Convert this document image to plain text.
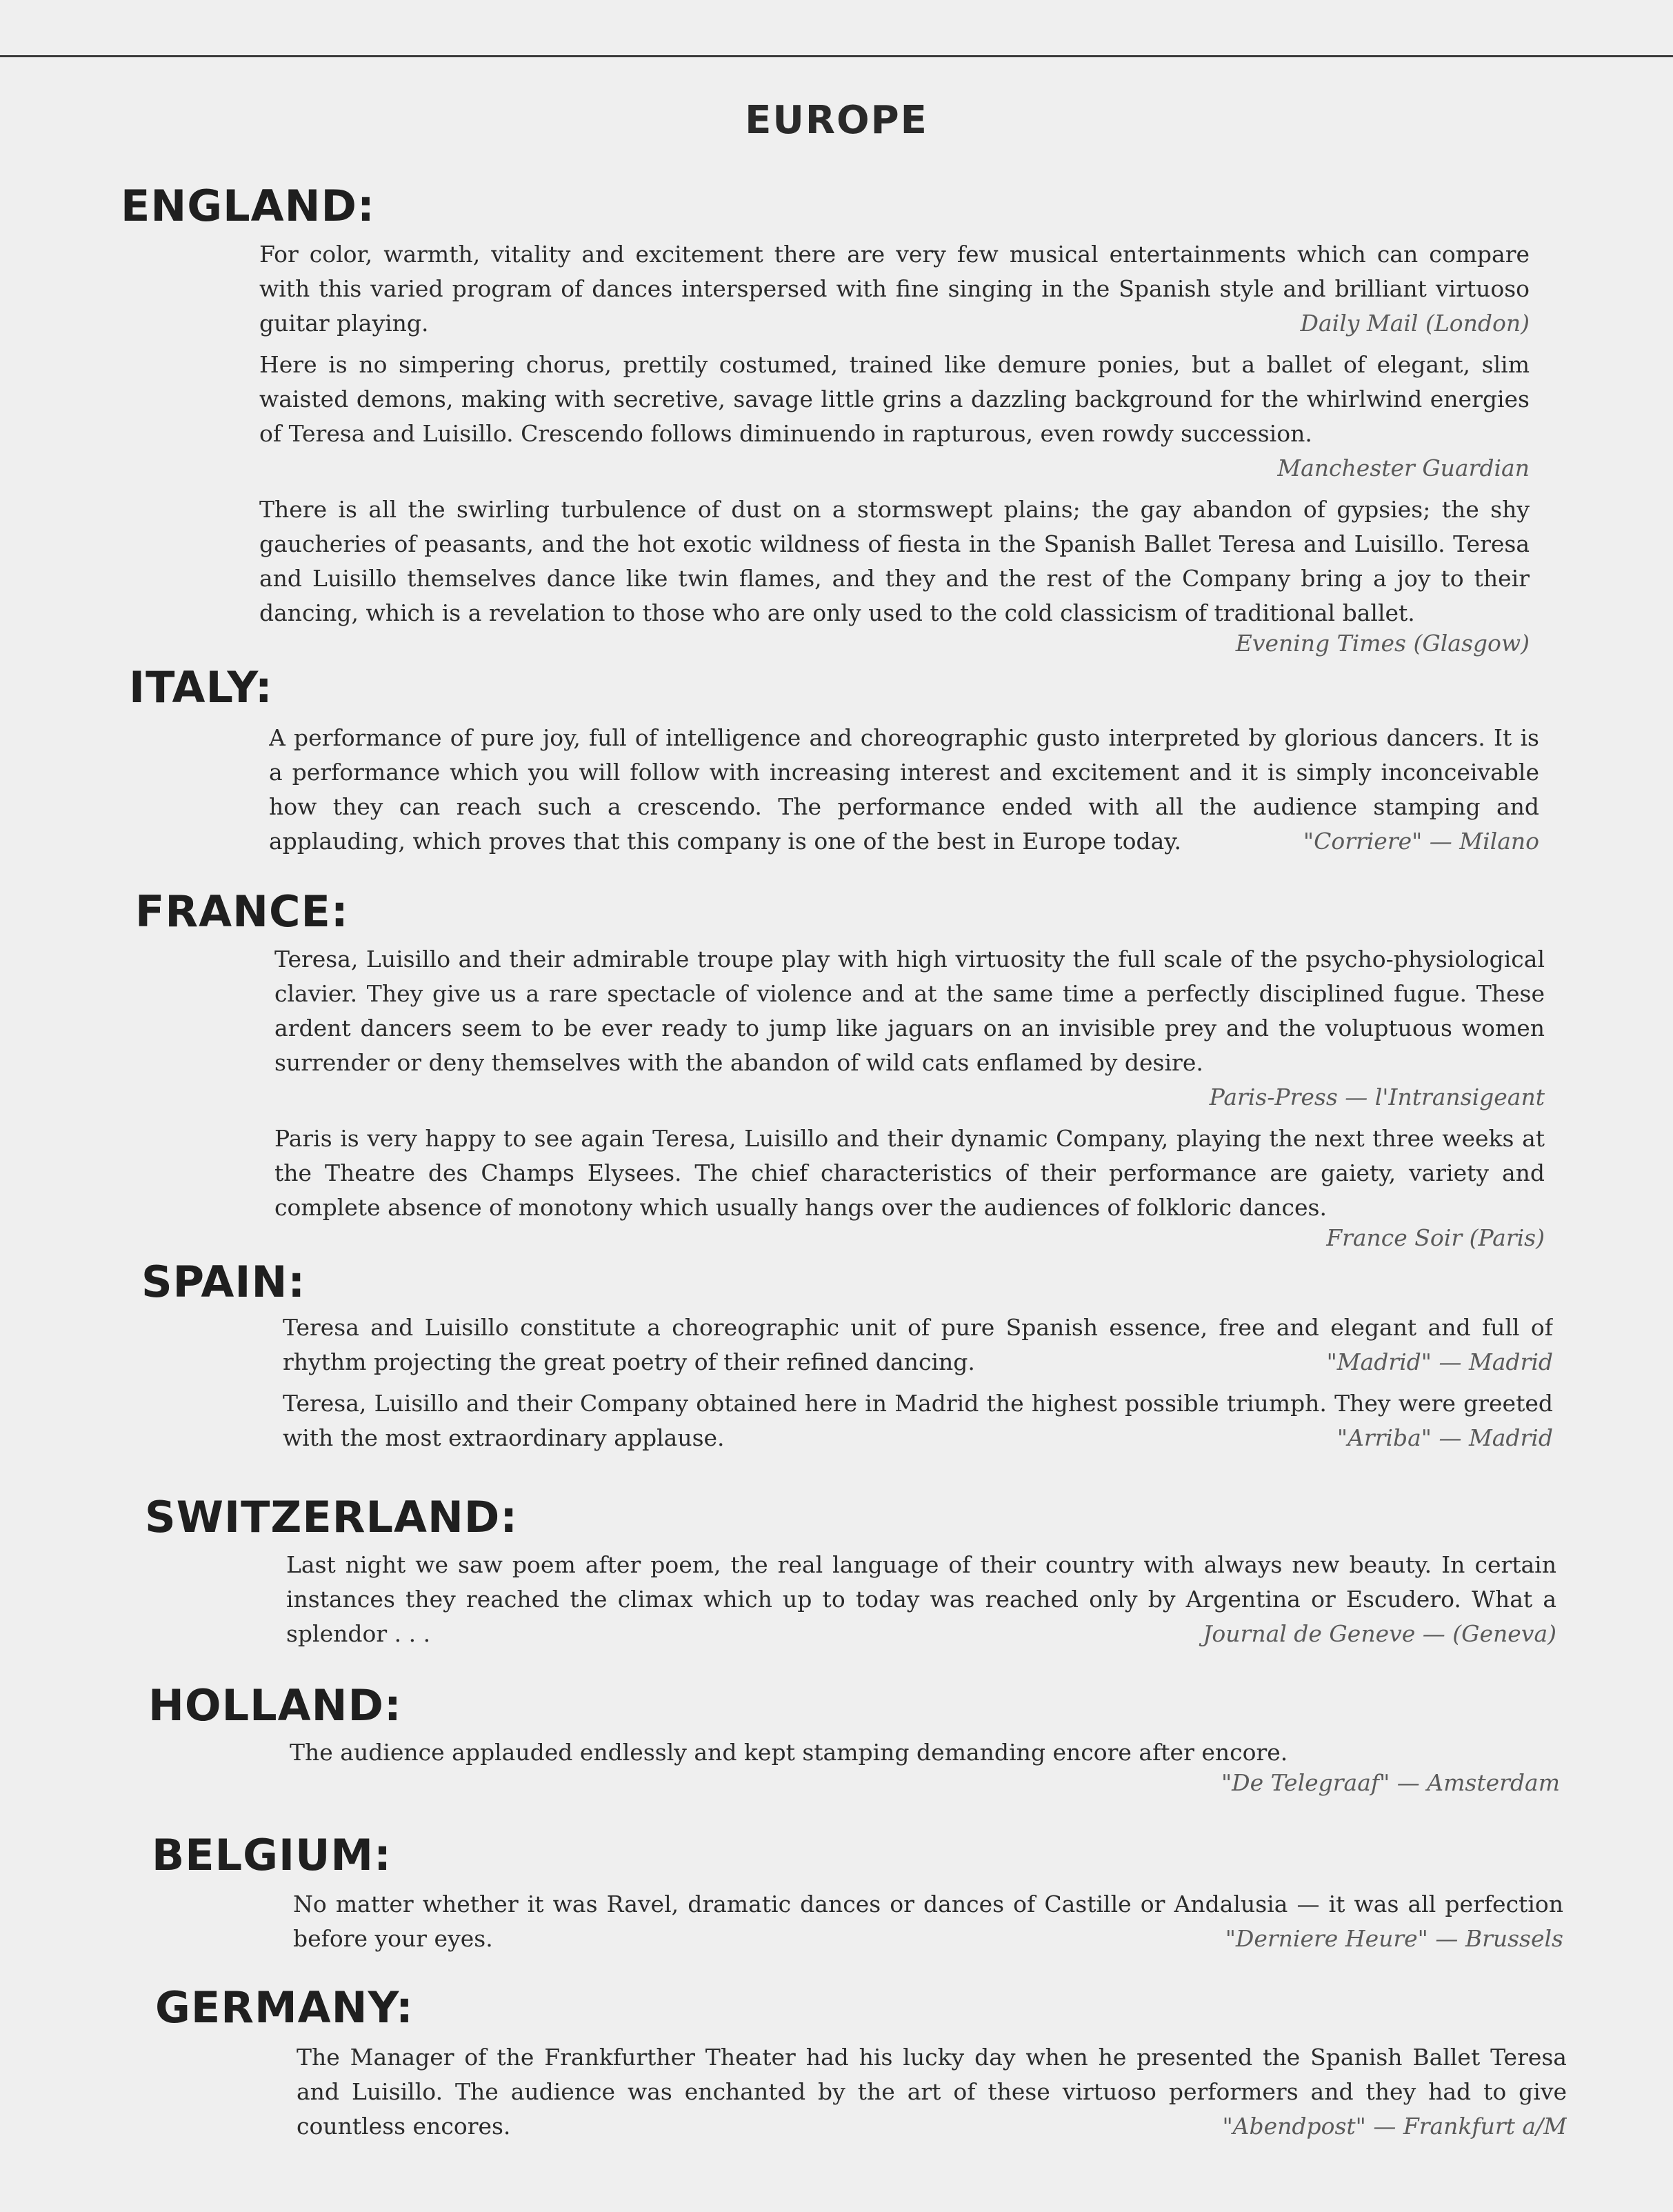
EUROPE
ENGLAND:

For color, warmth, vitality and excitement there are very few musical entertainments which can compare with this varied program of dances interspersed with fine singing in the Spanish style and brilliant virtuoso guitar playing.	Daily Mail (London)

Here is no simpering chorus, prettily costumed, trained like demure ponies, but a ballet of elegant, slim waisted demons, making with secretive, savage little grins a dazzling background for the whirlwind energies of Teresa and Luisillo. Crescendo follows diminuendo in rapturous, even rowdy succession.
Manchester Guardian

There is all the swirling turbulence of dust on a stormswept plains; the gay abandon of gypsies; the shy gaucheries of peasants, and the hot exotic wildness of fiesta in the Spanish Ballet Teresa and Luisillo. Teresa and Luisillo themselves dance like twin flames, and they and the rest of the Company bring a joy to their dancing, which is a revelation to those who are only used to the cold classicism of traditional ballet.

Evening Times (Glasgow)

ITALY:

A performance of pure joy, full of intelligence and choreographic gusto interpreted by glorious dancers. It is a performance which you will follow with increasing interest and excitement and it is simply inconceivable how they can reach such a crescendo. The performance ended with all the audience stamping and applauding, which proves that this company is one of the best in Europe today.	"Corriere" — Milano

FRANCE:

Teresa, Luisillo and their admirable troupe play with high virtuosity the full scale of the psycho-physiological clavier. They give us a rare spectacle of violence and at the same time a perfectly disciplined fugue. These ardent dancers seem to be ever ready to jump like jaguars on an invisible prey and the voluptuous women surrender or deny themselves with the abandon of wild cats enflamed by desire.
Paris-Press — l'Intransigeant

Paris is very happy to see again Teresa, Luisillo and their dynamic Company, playing the next three weeks at the Theatre des Champs Elysees. The chief characteristics of their performance are gaiety, variety and complete absence of monotony which usually hangs over the audiences of folkloric dances.

France Soir (Paris)

SPAIN:

Teresa and Luisillo constitute a choreographic unit of pure Spanish essence, free and elegant and full of rhythm projecting the great poetry of their refined dancing.	"Madrid" — Madrid

Teresa, Luisillo and their Company obtained here in Madrid the highest possible triumph. They were greeted with the most extraordinary applause.	"Arriba" — Madrid

SWITZERLAND:

Last night we saw poem after poem, the real language of their country with always new beauty. In certain instances they reached the climax which up to today was reached only by Argentina or Escudero. What a splendor . . .	Journal de Geneve — (Geneva)

HOLLAND:

The audience applauded endlessly and kept stamping demanding encore after encore.

"De Telegraaf" — Amsterdam

BELGIUM:

No matter whether it was Ravel, dramatic dances or dances of Castille or Andalusia — it was all perfection before your eyes.	"Derniere Heure" — Brussels

GERMANY:

The Manager of the Frankfurther Theater had his lucky day when he presented the Spanish Ballet Teresa and Luisillo. The audience was enchanted by the art of these virtuoso performers and they had to give countless encores.	"Abendpost" — Frankfurt a/M
